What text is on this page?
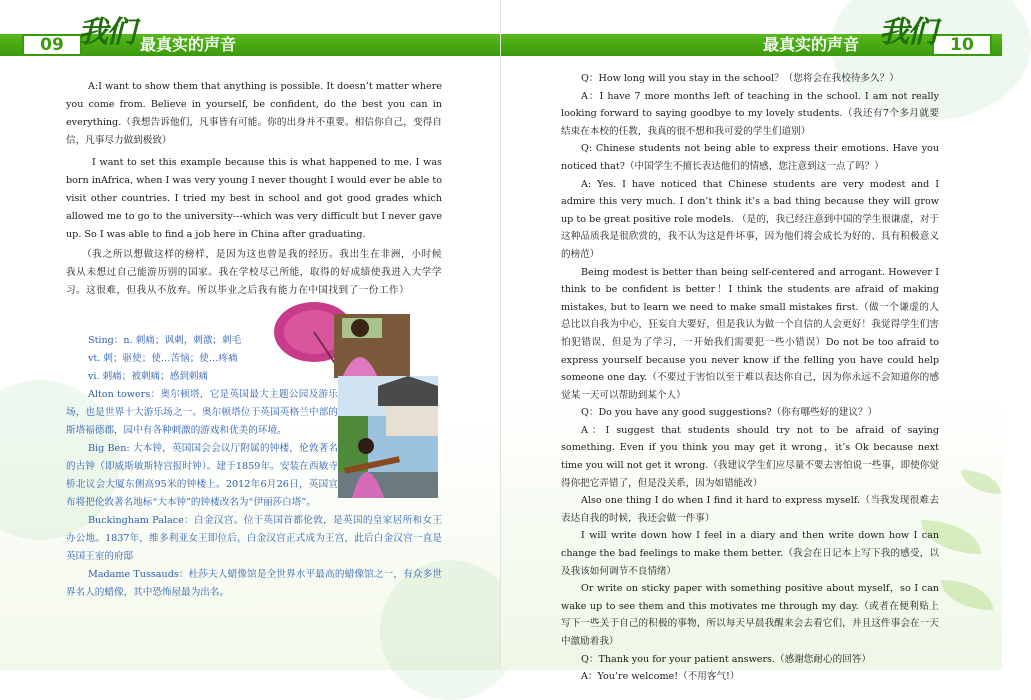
09	最真实的声音
我们

A:I want to show them that anything is possible. It doesn’t matter where you come from. Believe in yourself, be confident, do the best you can in everything.（我想告诉他们，凡事皆有可能。你的出身并不重要。相信你自己，变得自信，凡事尽力做到极致）

I want to set this example because this is what happened to me. I was born inAfrica, when I was very young I never thought I would ever be able to visit other countries. I tried my best in school and got good grades which allowed me to go to the university---which was very difficult but I never gave up. So I was able to find a job here in China after graduating.

（我之所以想做这样的榜样，是因为这也曾是我的经历。我出生在非洲，小时候我从未想过自己能游历别的国家。我在学校尽己所能，取得的好成绩使我进入大学学习。这很难，但我从不放弃。所以毕业之后我有能力在中国找到了一份工作）

Sting：n. 刺痛；讽刺，刺激；刺毛

vt. 刺；驱使；使…苦恼；使…疼痛

vi. 刺痛；被刺痛；感到刺痛

Alton towers：奥尔顿塔，它是英国最大主题公园及游乐场，也是世界十大游乐场之一。奥尔顿塔位于英国英格兰中部的斯塔福德郡，园中有各种刺激的游戏和优美的环境。

Big Ben: 大本钟，英国国会会议厅附属的钟楼，伦敦著名的古钟（即威斯敏斯特宫报时钟）。建于1859年。安装在西敏寺桥北议会大厦东侧高95米的钟楼上。2012年6月26日，英国宣布将把伦敦著名地标“大本钟”的钟楼改名为“伊丽莎白塔”。

Buckingham Palace：白金汉宫。位于英国首都伦敦，是英国的皇家居所和女王办公地。1837年，维多利亚女王即位后，白金汉宫正式成为王宫，此后白金汉宫一直是英国王室的府邸

Madame Tussauds：杜莎夫人蜡像馆是全世界水平最高的蜡像馆之一，有众多世界名人的蜡像，其中恐怖屋最为出名。

最真实的声音	10
我们

Q：How long will you stay in the school？（您将会在我校待多久？）

A：I have 7 more months left of teaching in the school. I am not really looking forward to saying goodbye to my lovely students.（我还有7个多月就要结束在本校的任教，我真的很不想和我可爱的学生们道别）

Q: Chinese students not being able to express their emotions. Have you noticed that?（中国学生不擅长表达他们的情感，您注意到这一点了吗？）

A: Yes. I have noticed that Chinese students are very modest and I admire this very much. I don’t think it’s a bad thing because they will grow up to be great positive role models. （是的，我已经注意到中国的学生很谦虚，对于这种品质我是很欣赏的，我不认为这是件坏事，因为他们将会成长为好的、具有积极意义的榜范）

Being modest is better than being self-centered and arrogant. However I think to be confident is better！I think the students are afraid of making mistakes, but to learn we need to make small mistakes first.（做一个谦虚的人总比以自我为中心，狂妄自大要好，但是我认为做一个自信的人会更好！我觉得学生们害怕犯错误，但是为了学习，一开始我们需要犯一些小错误）Do not be too afraid to express yourself because you never know if the felling you have could help someone one day.（不要过于害怕以至于难以表达你自己，因为你永远不会知道你的感觉某一天可以帮助到某个人）

Q：Do you have any good suggestions?（你有哪些好的建议？）

A：I suggest that students should try not to be afraid of saying something. Even if you think you may get it wrong，it’s Ok because next time you will not get it wrong.（我建议学生们应尽量不要去害怕说一些事，即使你觉得你把它弄错了，但是没关系，因为如错能改）

Also one thing I do when I find it hard to express myself.（当我发现很难去表达自我的时候，我还会做一件事）

I will write down how I feel in a diary and then write down how I can change the bad feelings to make them better.（我会在日记本上写下我的感受，以及我该如何调节不良情绪）

Or write on sticky paper with something positive about myself，so I can wake up to see them and this motivates me through my day.（或者在便利贴上写下一些关于自己的积极的事物，所以每天早晨我醒来会去看它们，并且这件事会在一天中激励着我）

Q：Thank you for your patient answers.（感谢您耐心的回答）

A：You’re welcome!（不用客气!）
